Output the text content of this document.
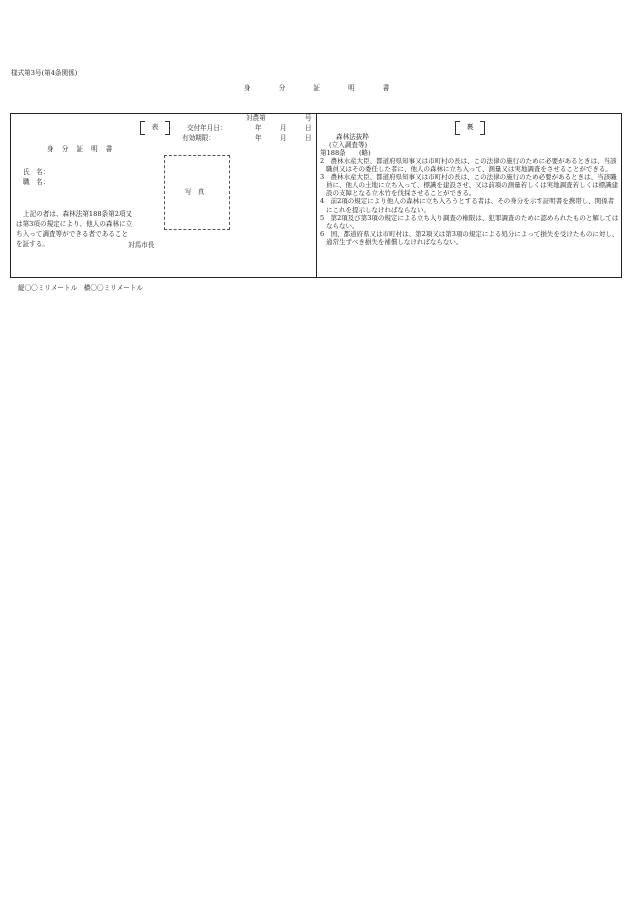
様式第3号(第4条関係)
身 分 証 明 書
表
対農第	号
交付年月日：	年	月	日
有効期限：	年	月	日
身 分 証 明 書
氏　名：
職　名：
写 真
上記の者は、森林法第188条第2項又
は第3項の規定により、他人の森林に立
ち入って調査等ができる者であること
を証する。	対馬市長
裏
森林法抜粋
(立入調査等)
第188条　　(略)

2　農林水産大臣、都道府県知事又は市町村の長は、この法律の施行のために必要があるときは、当該職員又はその委任した者に、他人の森林に立ち入って、測量又は実地調査をさせることができる。

3　農林水産大臣、都道府県知事又は市町村の長は、この法律の施行のため必要があるときは、当該職員に、他人の土地に立ち入って、標識を建設させ、又は前項の測量若しくは実地調査若しくは標識建設の支障となる立木竹を伐採させることができる。

4　前2項の規定により他人の森林に立ち入ろうとする者は、その身分を示す証明書を携帯し、関係者にこれを提示しなければならない。

5　第2項及び第3項の規定による立ち入り調査の権限は、犯罪調査のために認められたものと解してはならない。

6　国、都道府県又は市町村は、第2項又は第3項の規定による処分によって損失を受けたものに対し、通常生ずべき損失を補償しなければならない。

縦〇〇ミリメートル　横〇〇ミリメートル
